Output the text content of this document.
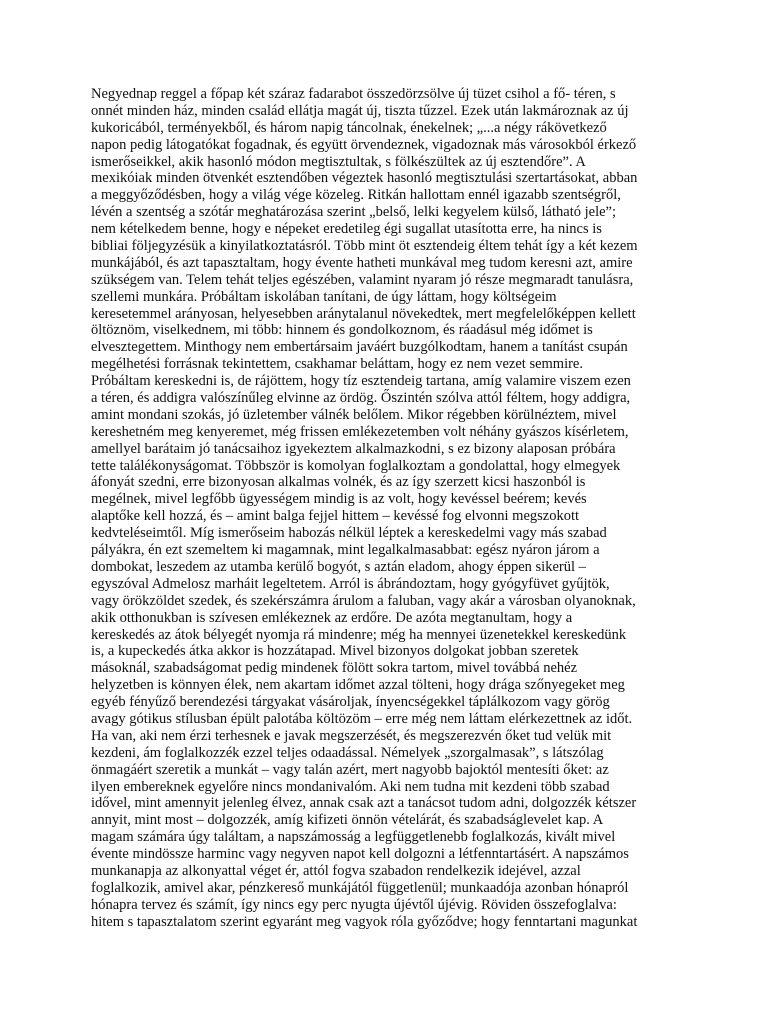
Negyednap reggel a főpap két száraz fadarabot összedörzsölve új tüzet csihol a fő- téren, s
onnét minden ház, minden család ellátja magát új, tiszta tűzzel. Ezek után lakmároznak az új
kukoricából, terményekből, és három napig táncolnak, énekelnek; „...a négy rákövetkező
napon pedig látogatókat fogadnak, és együtt örvendeznek, vigadoznak más városokból érkező
ismerőseikkel, akik hasonló módon megtisztultak, s fölkészültek az új esztendőre”. A
mexikóiak minden ötvenkét esztendőben végeztek hasonló megtisztulási szertartásokat, abban
a meggyőződésben, hogy a világ vége közeleg. Ritkán hallottam ennél igazabb szentségről,
lévén a szentség a szótár meghatározása szerint „belső, lelki kegyelem külső, látható jele”;
nem kételkedem benne, hogy e népeket eredetileg égi sugallat utasította erre, ha nincs is
bibliai följegyzésük a kinyilatkoztatásról. Több mint öt esztendeig éltem tehát így a két kezem
munkájából, és azt tapasztaltam, hogy évente hatheti munkával meg tudom keresni azt, amire
szükségem van. Telem tehát teljes egészében, valamint nyaram jó része megmaradt tanulásra,
szellemi munkára. Próbáltam iskolában tanítani, de úgy láttam, hogy költségeim
keresetemmel arányosan, helyesebben aránytalanul növekedtek, mert megfelelőképpen kellett
öltöznöm, viselkednem, mi több: hinnem és gondolkoznom, és ráadásul még időmet is
elvesztegettem. Minthogy nem embertársaim javáért buzgólkodtam, hanem a tanítást csupán
megélhetési forrásnak tekintettem, csakhamar beláttam, hogy ez nem vezet semmire.
Próbáltam kereskedni is, de rájöttem, hogy tíz esztendeig tartana, amíg valamire viszem ezen
a téren, és addigra valószínűleg elvinne az ördög. Őszintén szólva attól féltem, hogy addigra,
amint mondani szokás, jó üzletember válnék belőlem. Mikor régebben körülnéztem, mivel
kereshetném meg kenyeremet, még frissen emlékezetemben volt néhány gyászos kísérletem,
amellyel barátaim jó tanácsaihoz igyekeztem alkalmazkodni, s ez bizony alaposan próbára
tette találékonyságomat. Többször is komolyan foglalkoztam a gondolattal, hogy elmegyek
áfonyát szedni, erre bizonyosan alkalmas volnék, és az így szerzett kicsi haszonból is
megélnek, mivel legfőbb ügyességem mindig is az volt, hogy kevéssel beérem; kevés
alaptőke kell hozzá, és – amint balga fejjel hittem – kevéssé fog elvonni megszokott
kedvteléseimtől. Míg ismerőseim habozás nélkül léptek a kereskedelmi vagy más szabad
pályákra, én ezt szemeltem ki magamnak, mint legalkalmasabbat: egész nyáron járom a
dombokat, leszedem az utamba kerülő bogyót, s aztán eladom, ahogy éppen sikerül –
egyszóval Admelosz marháit legeltetem. Arról is ábrándoztam, hogy gyógyfüvet gyűjtök,
vagy örökzöldet szedek, és szekérszámra árulom a faluban, vagy akár a városban olyanoknak,
akik otthonukban is szívesen emlékeznek az erdőre. De azóta megtanultam, hogy a
kereskedés az átok bélyegét nyomja rá mindenre; még ha mennyei üzenetekkel kereskedünk
is, a kupeckedés átka akkor is hozzátapad. Mivel bizonyos dolgokat jobban szeretek
másoknál, szabadságomat pedig mindenek fölött sokra tartom, mivel továbbá nehéz
helyzetben is könnyen élek, nem akartam időmet azzal tölteni, hogy drága szőnyegeket meg
egyéb fényűző berendezési tárgyakat vásároljak, ínyencségekkel táplálkozom vagy görög
avagy gótikus stílusban épült palotába költözöm – erre még nem láttam elérkezettnek az időt.
Ha van, aki nem érzi terhesnek e javak megszerzését, és megszerezvén őket tud velük mit
kezdeni, ám foglalkozzék ezzel teljes odaadással. Némelyek „szorgalmasak”, s látszólag
önmagáért szeretik a munkát – vagy talán azért, mert nagyobb bajoktól mentesíti őket: az
ilyen embereknek egyelőre nincs mondanivalóm. Aki nem tudna mit kezdeni több szabad
idővel, mint amennyit jelenleg élvez, annak csak azt a tanácsot tudom adni, dolgozzék kétszer
annyit, mint most – dolgozzék, amíg kifizeti önnön vételárát, és szabadságlevelet kap. A
magam számára úgy találtam, a napszámosság a legfüggetlenebb foglalkozás, kivált mivel
évente mindössze harminc vagy negyven napot kell dolgozni a létfenntartásért. A napszámos
munkanapja az alkonyattal véget ér, attól fogva szabadon rendelkezik idejével, azzal
foglalkozik, amivel akar, pénzkereső munkájától függetlenül; munkaadója azonban hónapról
hónapra tervez és számít, így nincs egy perc nyugta újévtől újévig. Röviden összefoglalva:
hitem s tapasztalatom szerint egyaránt meg vagyok róla győződve; hogy fenntartani magunkat
